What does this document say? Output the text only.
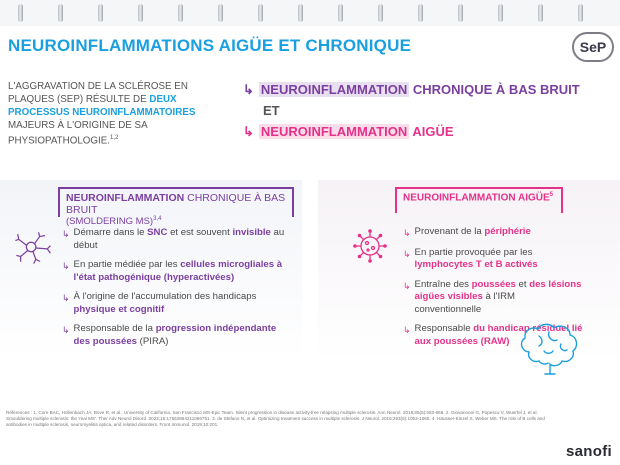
NEUROINFLAMMATIONS AIGÜE ET CHRONIQUE	SeP

L'AGGRAVATION DE LA SCLÉROSE EN PLAQUES (SEP) RÉSULTE DE DEUX PROCESSUS NEUROINFLAMMATOIRES MAJEURS À L'ORIGINE DE SA PHYSIOPATHOLOGIE.$^{1,2}$

↳ NEUROINFLAMMATION CHRONIQUE À BAS BRUIT
ET
↳ NEUROINFLAMMATION AIGÜE
NEUROINFLAMMATION CHRONIQUE À BAS BRUIT
(SMOLDERING MS)$^{3,4}$
NEUROINFLAMMATION AIGÜE$^5$
↳ Démarre dans le SNC et est souvent invisible au début
↳ En partie médiée par les cellules microgliales à l'état pathogénique (hyperactivées)
↳ À l'origine de l'accumulation des handicaps physique et cognitif
↳ Responsable de la progression indépendante des poussées (PIRA)
↳ Provenant de la périphérie
↳ En partie provoquée par les lymphocytes T et B activés
↳ Entraîne des poussées et des lésions aigües visibles à l'IRM conventionnelle
↳ Responsable du handicap résiduel lié aux poussées (RAW)

Références : 1. Core BAC, Hollenbach JA, Bove R, et al.; University of California, San Francisco MS-Epic Team. Silent progression in disease activity-free relapsing multiple sclerosis. Ann Neurol. 2019;85(5):653-666. 2. Giovannoni G, Popescu V, Wuerfel J, et al. Smouldering multiple sclerosis: the 'real MS'. Ther Adv Neurol Disord. 2022;15:17562864211066751. 3. de Stefano N, et al. Optimizing treatment success in multiple sclerosis. J Neurol. 2016;263(6):1053-1065. 4. Häusser-Kinzel S, Weber MS. The role of B cells and antibodies in multiple sclerosis, neuromyelitis optica, and related disorders. Front Immunol. 2019;10:201.

sanofi
